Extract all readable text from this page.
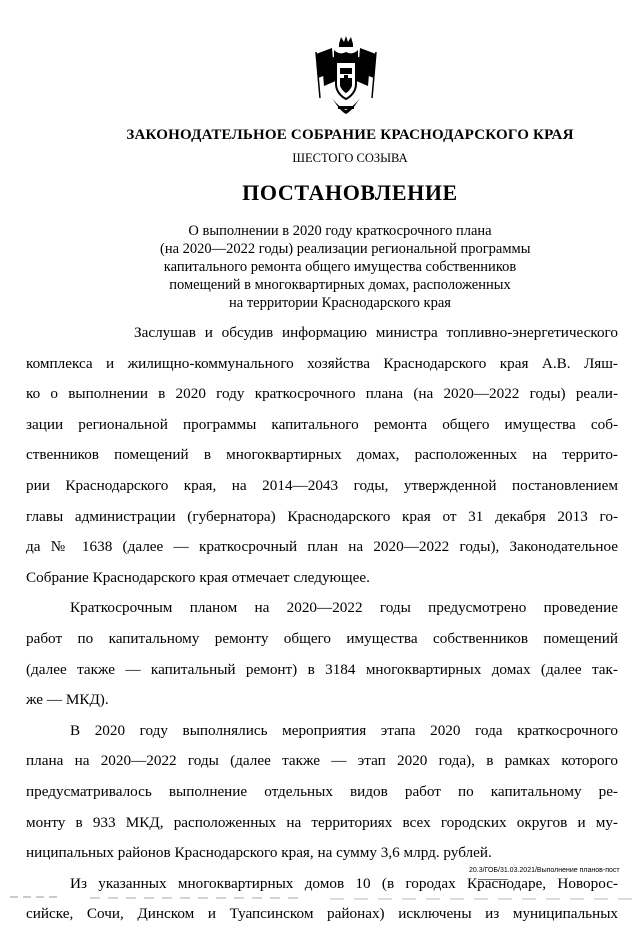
ЗАКОНОДАТЕЛЬНОЕ СОБРАНИЕ КРАСНОДАРСКОГО КРАЯ
ШЕСТОГО СОЗЫВА
ПОСТАНОВЛЕНИЕ
О выполнении в 2020 году краткосрочного плана
(на 2020—2022 годы) реализации региональной программы
капитального ремонта общего имущества собственников
помещений в многоквартирных домах, расположенных
на территории Краснодарского края
Заслушав и обсудив информацию министра топливно-энергетического
комплекса и жилищно-коммунального хозяйства Краснодарского края А.В. Ляш-
ко о выполнении в 2020 году краткосрочного плана (на 2020—2022 годы) реали-
зации региональной программы капитального ремонта общего имущества соб-
ственников помещений в многоквартирных домах, расположенных на террито-
рии Краснодарского края, на 2014—2043 годы, утвержденной постановлением
главы администрации (губернатора) Краснодарского края от 31 декабря 2013 го-
да № 1638 (далее — краткосрочный план на 2020—2022 годы), Законодательное
Собрание Краснодарского края отмечает следующее.
Краткосрочным планом на 2020—2022 годы предусмотрено проведение
работ по капитальному ремонту общего имущества собственников помещений
(далее также — капитальный ремонт) в 3184 многоквартирных домах (далее так-
же — МКД).
В 2020 году выполнялись мероприятия этапа 2020 года краткосрочного
плана на 2020—2022 годы (далее также — этап 2020 года), в рамках которого
предусматривалось выполнение отдельных видов работ по капитальному ре-
монту в 933 МКД, расположенных на территориях всех городских округов и му-
ниципальных районов Краснодарского края, на сумму 3,6 млрд. рублей.
Из указанных многоквартирных домов 10 (в городах Краснодаре, Новорос-
сийске, Сочи, Динском и Туапсинском районах) исключены из муниципальных
20.3/ГОБ/31.03.2021/Выполнение планов-пост
